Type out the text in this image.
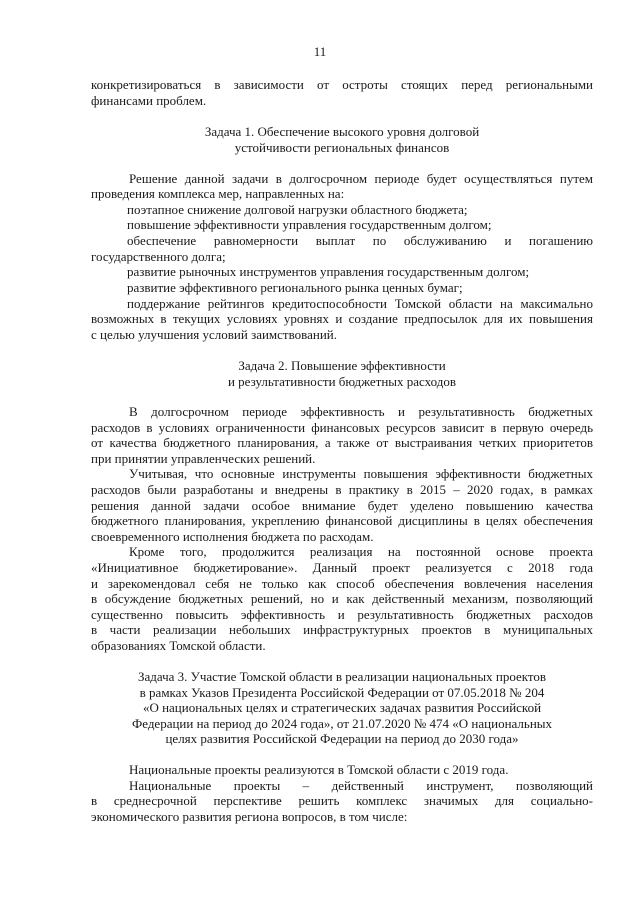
11
конкретизироваться в зависимости от остроты стоящих перед региональными
финансами проблем.
Задача 1. Обеспечение высокого уровня долговой
устойчивости региональных финансов
Решение данной задачи в долгосрочном периоде будет осуществляться путем
проведения комплекса мер, направленных на:
поэтапное снижение долговой нагрузки областного бюджета;
повышение эффективности управления государственным долгом;
обеспечение равномерности выплат по обслуживанию и погашению
государственного долга;
развитие рыночных инструментов управления государственным долгом;
развитие эффективного регионального рынка ценных бумаг;
поддержание рейтингов кредитоспособности Томской области на максимально
возможных в текущих условиях уровнях и создание предпосылок для их повышения
с целью улучшения условий заимствований.
Задача 2. Повышение эффективности
и результативности бюджетных расходов
В долгосрочном периоде эффективность и результативность бюджетных
расходов в условиях ограниченности финансовых ресурсов зависит в первую очередь
от качества бюджетного планирования, а также от выстраивания четких приоритетов
при принятии управленческих решений.
Учитывая, что основные инструменты повышения эффективности бюджетных
расходов были разработаны и внедрены в практику в 2015 – 2020 годах, в рамках
решения данной задачи особое внимание будет уделено повышению качества
бюджетного планирования, укреплению финансовой дисциплины в целях обеспечения
своевременного исполнения бюджета по расходам.
Кроме того, продолжится реализация на постоянной основе проекта
«Инициативное бюджетирование». Данный проект реализуется с 2018 года
и зарекомендовал себя не только как способ обеспечения вовлечения населения
в обсуждение бюджетных решений, но и как действенный механизм, позволяющий
существенно повысить эффективность и результативность бюджетных расходов
в части реализации небольших инфраструктурных проектов в муниципальных
образованиях Томской области.
Задача 3. Участие Томской области в реализации национальных проектов
в рамках Указов Президента Российской Федерации от 07.05.2018 № 204
«О национальных целях и стратегических задачах развития Российской
Федерации на период до 2024 года», от 21.07.2020 № 474 «О национальных
целях развития Российской Федерации на период до 2030 года»
Национальные проекты реализуются в Томской области с 2019 года.
Национальные проекты – действенный инструмент, позволяющий
в среднесрочной перспективе решить комплекс значимых для социально-
экономического развития региона вопросов, в том числе:
